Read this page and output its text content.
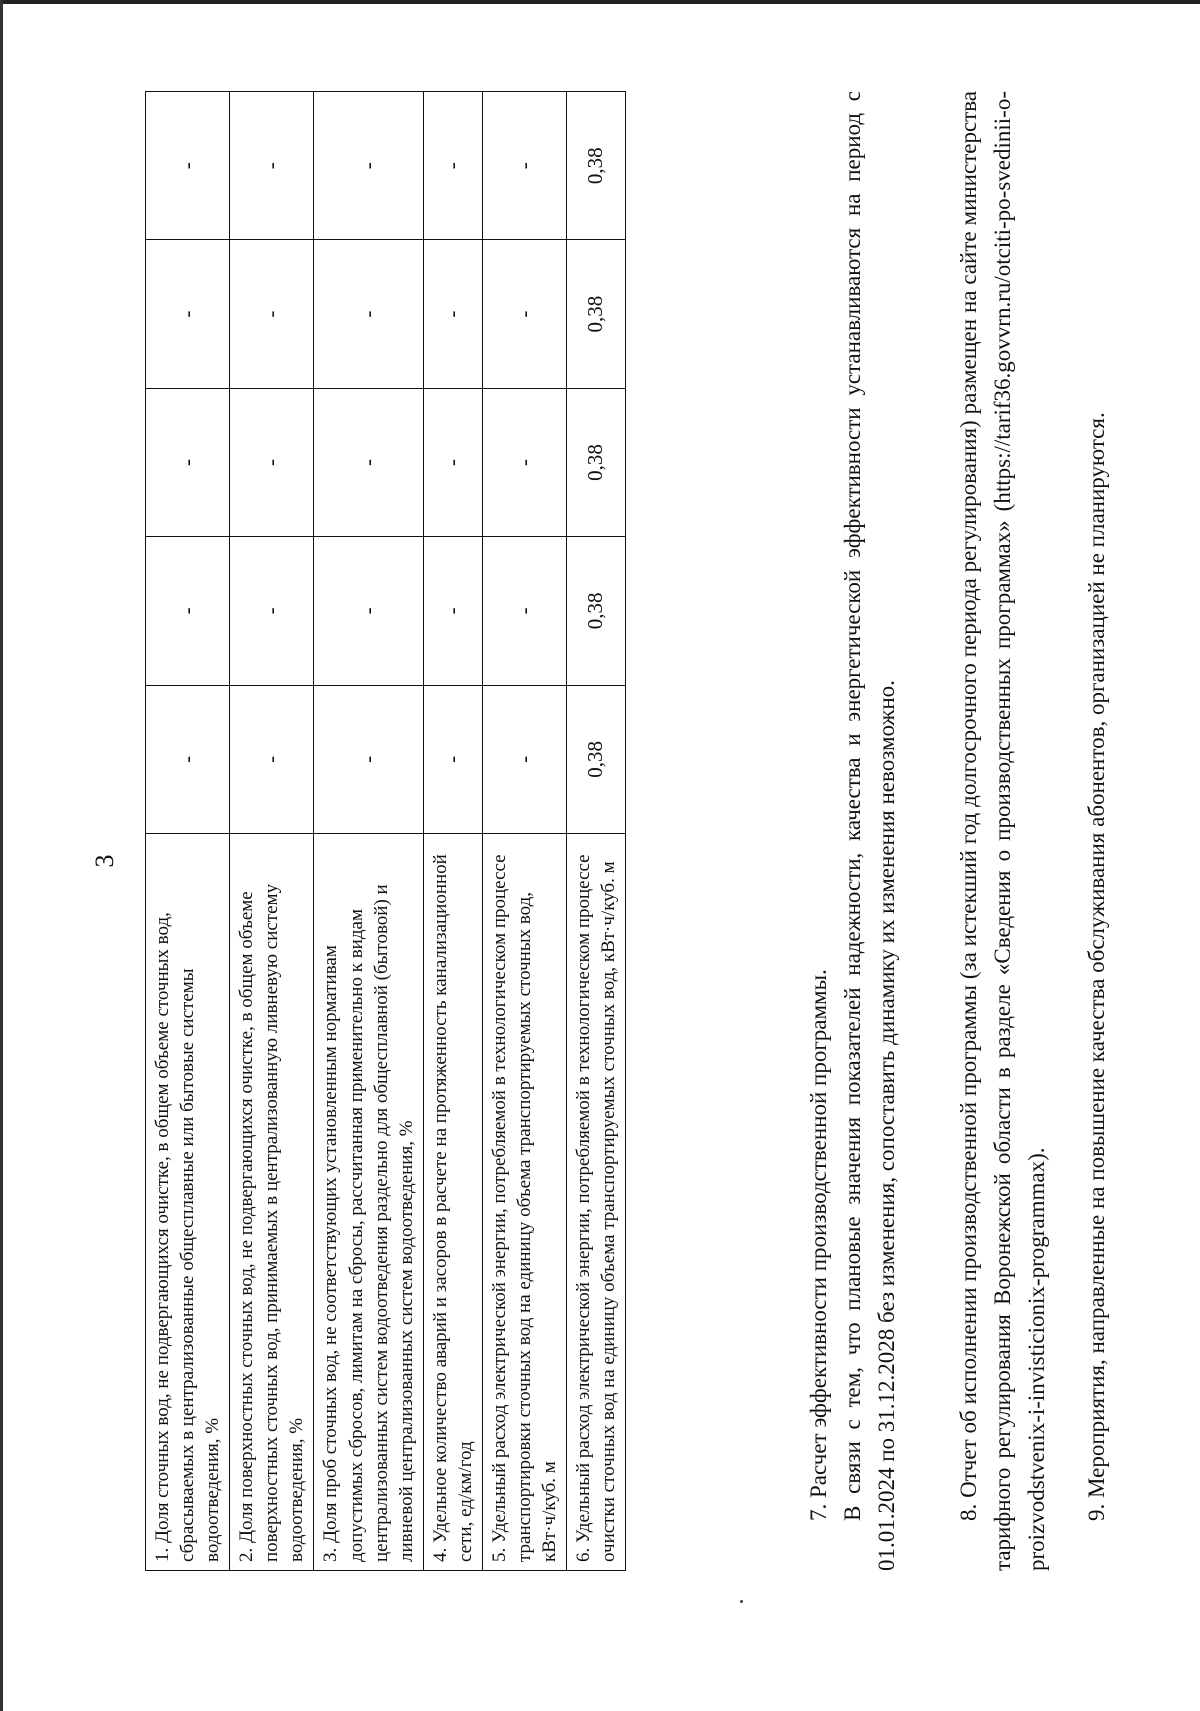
3
1. Доля сточных вод, не подвергающихся очистке, в общем объеме сточных вод, сбрасываемых в централизованные общесплавные или бытовые системы водоотведения, %	-	-	-	-	-
2. Доля поверхностных сточных вод, не подвергающихся очистке, в общем объеме поверхностных сточных вод, принимаемых в централизованную ливневую систему водоотведения, %	-	-	-	-	-
3. Доля проб сточных вод, не соответствующих установленным нормативам допустимых сбросов, лимитам на сбросы, рассчитанная применительно к видам централизованных систем водоотведения раздельно для общесплавной (бытовой) и ливневой централизованных систем водоотведения, %	-	-	-	-	-
4. Удельное количество аварий и засоров в расчете на протяженность канализационной сети, ед/км/год	-	-	-	-	-
5. Удельный расход электрической энергии, потребляемой в технологическом процессе транспортировки сточных вод на единицу объема транспортируемых сточных вод, кВт·ч/куб. м	-	-	-	-	-
6. Удельный расход электрической энергии, потребляемой в технологическом процессе очистки сточных вод на единицу объема транспортируемых сточных вод, кВт·ч/куб. м	0,38	0,38	0,38	0,38	0,38
7. Расчет эффективности производственной программы. В связи с тем, что плановые значения показателей надежности, качества и энергетической эффективности устанавливаются на период с 01.01.2024 по 31.12.2028 без изменения, сопоставить динамику их изменения невозможно. 8. Отчет об исполнении производственной программы (за истекший год долгосрочного периода регулирования) размещен на сайте министерства тарифного регулирования Воронежской области в разделе «Сведения о производственных программах» (https://tarif36.govvrn.ru/otciti-po-svedinii-o-proizvodstvenix-i-invisticionix-programmax). 9. Мероприятия, направленные на повышение качества обслуживания абонентов, организацией не планируются.
